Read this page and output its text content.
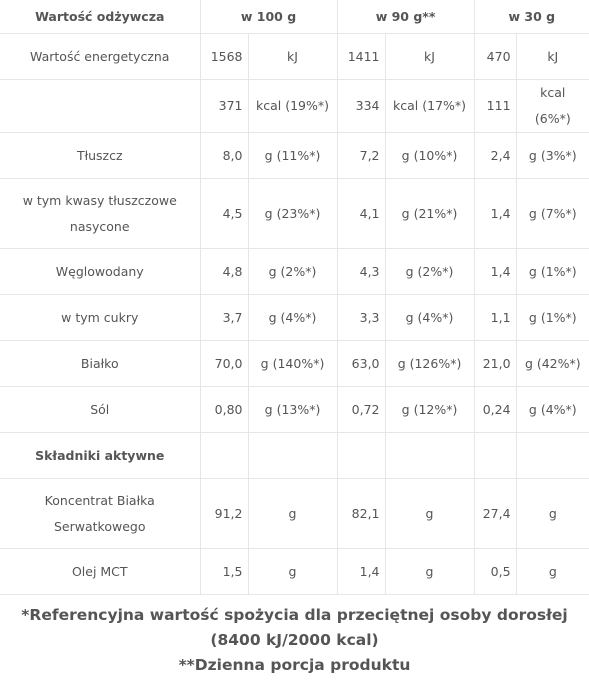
Wartość odżywcza	w 100 g		w 90 g**		w 30 g	
Wartość energetyczna	1568	kJ	1411	kJ	470	kJ
	371	kcal (19%*)	334	kcal (17%*)	111	kcal (6%*)
Tłuszcz	8,0	g (11%*)	7,2	g (10%*)	2,4	g (3%*)
w tym kwasy tłuszczowe nasycone	4,5	g (23%*)	4,1	g (21%*)	1,4	g (7%*)
Węglowodany	4,8	g (2%*)	4,3	g (2%*)	1,4	g (1%*)
w tym cukry	3,7	g (4%*)	3,3	g (4%*)	1,1	g (1%*)
Białko	70,0	g (140%*)	63,0	g (126%*)	21,0	g (42%*)
Sól	0,80	g (13%*)	0,72	g (12%*)	0,24	g (4%*)
Składniki aktywne						
Koncentrat Białka Serwatkowego	91,2	g	82,1	g	27,4	g
Olej MCT	1,5	g	1,4	g	0,5	g
*Referencyjna wartość spożycia dla przeciętnej osoby dorosłej (8400 kJ/2000 kcal)
**Dzienna porcja produktu
